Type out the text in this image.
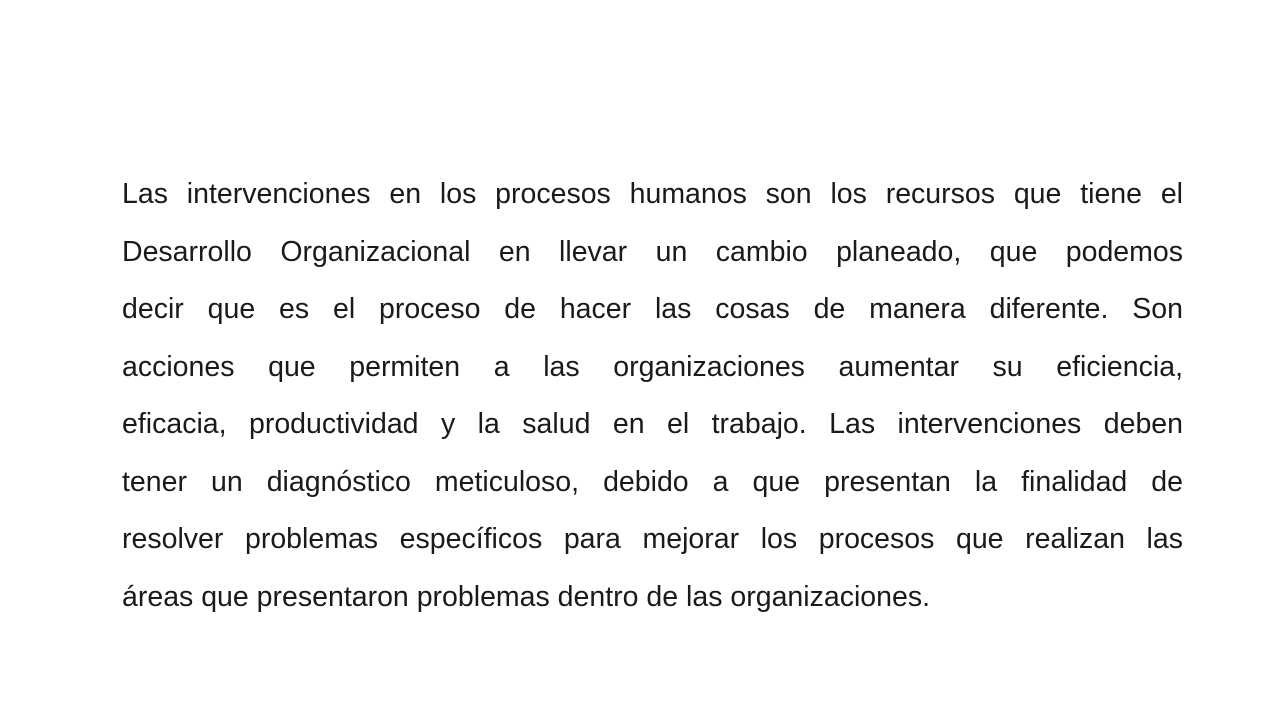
Las intervenciones en los procesos humanos son los recursos que tiene el
Desarrollo Organizacional en llevar un cambio planeado, que podemos
decir que es el proceso de hacer las cosas de manera diferente. Son
acciones que permiten a las organizaciones aumentar su eficiencia,
eficacia, productividad y la salud en el trabajo. Las intervenciones deben
tener un diagnóstico meticuloso, debido a que presentan la finalidad de
resolver problemas específicos para mejorar los procesos que realizan las
áreas que presentaron problemas dentro de las organizaciones.
